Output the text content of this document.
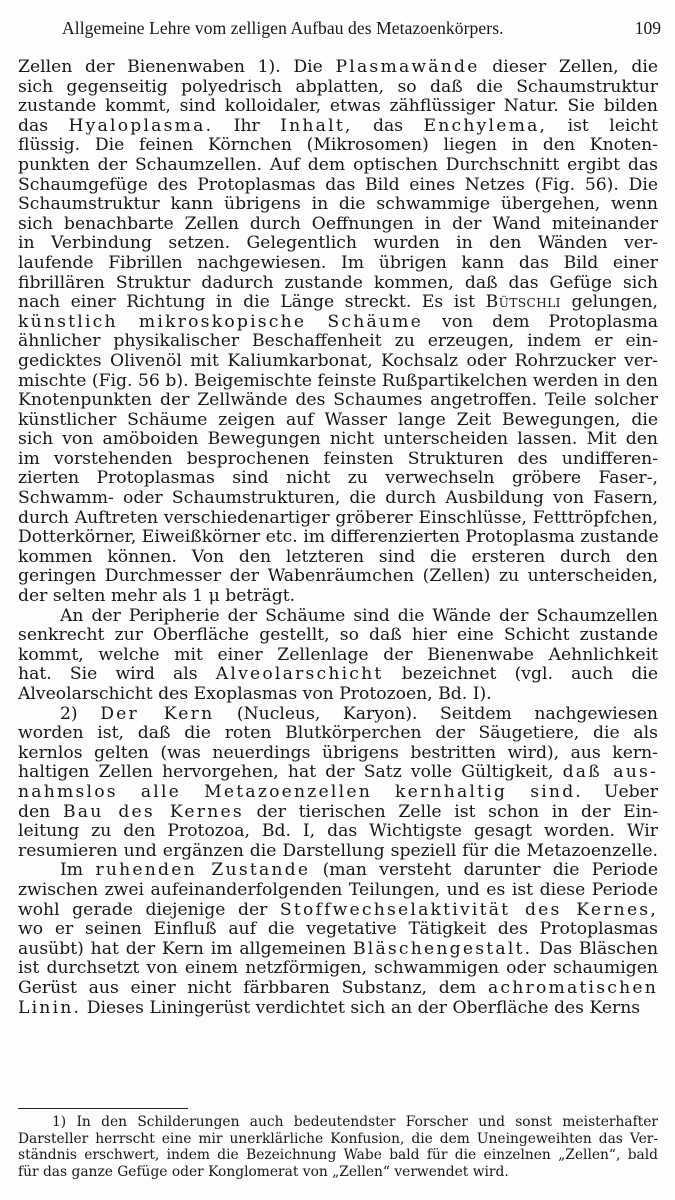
Allgemeine Lehre vom zelligen Aufbau des Metazoenkörpers.	109
Zellen der Bienenwaben 1). Die Plasmawände dieser Zellen, die
sich gegenseitig polyedrisch abplatten, so daß die Schaumstruktur
zustande kommt, sind kolloidaler, etwas zähflüssiger Natur. Sie bilden
das Hyaloplasma. Ihr Inhalt, das Enchylema, ist leicht
flüssig. Die feinen Körnchen (Mikrosomen) liegen in den Knoten-
punkten der Schaumzellen. Auf dem optischen Durchschnitt ergibt das
Schaumgefüge des Protoplasmas das Bild eines Netzes (Fig. 56). Die
Schaumstruktur kann übrigens in die schwammige übergehen, wenn
sich benachbarte Zellen durch Oeffnungen in der Wand miteinander
in Verbindung setzen. Gelegentlich wurden in den Wänden ver-
laufende Fibrillen nachgewiesen. Im übrigen kann das Bild einer
fibrillären Struktur dadurch zustande kommen, daß das Gefüge sich
nach einer Richtung in die Länge streckt. Es ist Bütschli gelungen,
künstlich mikroskopische Schäume von dem Protoplasma
ähnlicher physikalischer Beschaffenheit zu erzeugen, indem er ein-
gedicktes Olivenöl mit Kaliumkarbonat, Kochsalz oder Rohrzucker ver-
mischte (Fig. 56 b). Beigemischte feinste Rußpartikelchen werden in den
Knotenpunkten der Zellwände des Schaumes angetroffen. Teile solcher
künstlicher Schäume zeigen auf Wasser lange Zeit Bewegungen, die
sich von amöboiden Bewegungen nicht unterscheiden lassen. Mit den
im vorstehenden besprochenen feinsten Strukturen des undifferen-
zierten Protoplasmas sind nicht zu verwechseln gröbere Faser-,
Schwamm- oder Schaumstrukturen, die durch Ausbildung von Fasern,
durch Auftreten verschiedenartiger gröberer Einschlüsse, Fetttröpfchen,
Dotterkörner, Eiweißkörner etc. im differenzierten Protoplasma zustande
kommen können. Von den letzteren sind die ersteren durch den
geringen Durchmesser der Wabenräumchen (Zellen) zu unterscheiden,
der selten mehr als 1 μ beträgt.
An der Peripherie der Schäume sind die Wände der Schaumzellen
senkrecht zur Oberfläche gestellt, so daß hier eine Schicht zustande
kommt, welche mit einer Zellenlage der Bienenwabe Aehnlichkeit
hat. Sie wird als Alveolarschicht bezeichnet (vgl. auch die
Alveolarschicht des Exoplasmas von Protozoen, Bd. I).
2) Der Kern (Nucleus, Karyon). Seitdem nachgewiesen
worden ist, daß die roten Blutkörperchen der Säugetiere, die als
kernlos gelten (was neuerdings übrigens bestritten wird), aus kern-
haltigen Zellen hervorgehen, hat der Satz volle Gültigkeit, daß aus-
nahmslos alle Metazoenzellen kernhaltig sind. Ueber
den Bau des Kernes der tierischen Zelle ist schon in der Ein-
leitung zu den Protozoa, Bd. I, das Wichtigste gesagt worden. Wir
resumieren und ergänzen die Darstellung speziell für die Metazoenzelle.
Im ruhenden Zustande (man versteht darunter die Periode
zwischen zwei aufeinanderfolgenden Teilungen, und es ist diese Periode
wohl gerade diejenige der Stoffwechselaktivität des Kernes,
wo er seinen Einfluß auf die vegetative Tätigkeit des Protoplasmas
ausübt) hat der Kern im allgemeinen Bläschengestalt. Das Bläschen
ist durchsetzt von einem netzförmigen, schwammigen oder schaumigen
Gerüst aus einer nicht färbbaren Substanz, dem achromatischen
Linin. Dieses Liningerüst verdichtet sich an der Oberfläche des Kerns
1) In den Schilderungen auch bedeutendster Forscher und sonst meisterhafter
Darsteller herrscht eine mir unerklärliche Konfusion, die dem Uneingeweihten das Ver-
ständnis erschwert, indem die Bezeichnung Wabe bald für die einzelnen „Zellen“, bald
für das ganze Gefüge oder Konglomerat von „Zellen“ verwendet wird.
